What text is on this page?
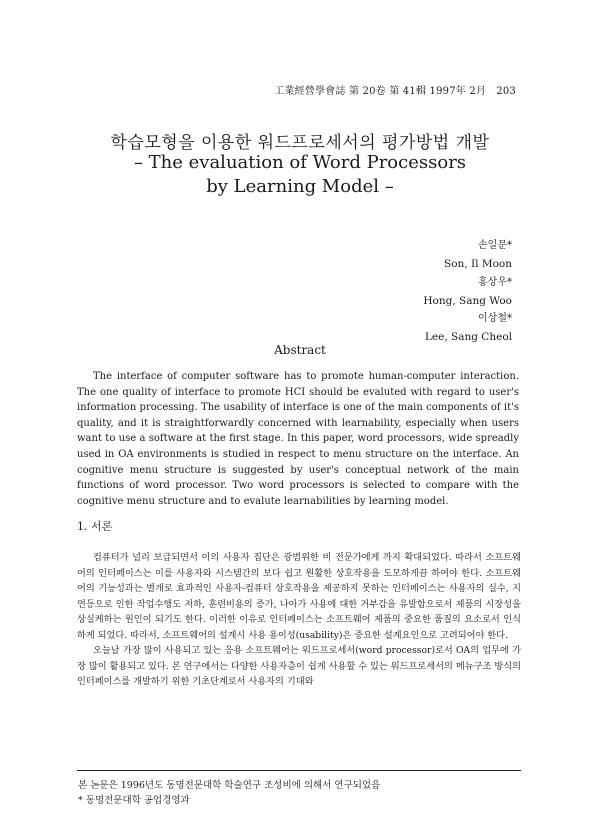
工業經營學會誌 第 20卷 第 41輯 1997年 2月　203
학습모형을 이용한 워드프로세서의 평가방법 개발
– The evaluation of Word Processors
by Learning Model –
손일문*
Son, Il Moon
홍상우*
Hong, Sang Woo
이상철*
Lee, Sang Cheol
Abstract

The interface of computer software has to promote human-computer interaction. The one quality of interface to promote HCI should be evaluted with regard to user's information processing. The usability of interface is one of the main components of it's quality, and it is straightforwardly concerned with learnability, especially when users want to use a software at the first stage. In this paper, word processors, wide spreadly used in OA environments is studied in respect to menu structure on the interface. An cognitive menu structure is suggested by user's conceptual network of the main functions of word processor. Two word processors is selected to compare with the cognitive menu structure and to evalute learnabilities by learning model.

1. 서론

컴퓨터가 널리 보급되면서 이의 사용자 집단은 광범위한 비 전문가에게 까지 확대되었다. 따라서 소프트웨어의 인터페이스는 이를 사용자와 시스템간의 보다 쉽고 원활한 상호작용을 도모하게끔 하여야 한다. 소프트웨어의 기능성과는 별개로 효과적인 사용자-컴퓨터 상호작용을 제공하지 못하는 인터페이스는 사용자의 실수, 지연등으로 인한 작업수행도 저하, 훈련비용의 증가, 나아가 사용에 대한 거부감을 유발함으로서 제품의 시장성을 상실케하는 원인이 되기도 한다. 이러한 이유로 인터페이스는 소프트웨어 제품의 중요한 품질의 요소로서 인식하게 되었다. 따라서, 소프트웨어의 설계시 사용 용이성(usability)은 중요한 설계요인으로 고려되어야 한다.

오늘날 가장 많이 사용되고 있는 응용 소프트웨어는 워드프로세서(word processor)로서 OA의 업무에 가장 많이 활용되고 있다. 본 연구에서는 다양한 사용자층이 쉽게 사용할 수 있는 워드프로세서의 메뉴구조 방식의 인터페이스를 개발하기 위한 기초단계로서 사용자의 기대와

본 논문은 1996년도 동명전문대학 학술연구 조성비에 의해서 연구되었음
* 동명전문대학 공업경영과
